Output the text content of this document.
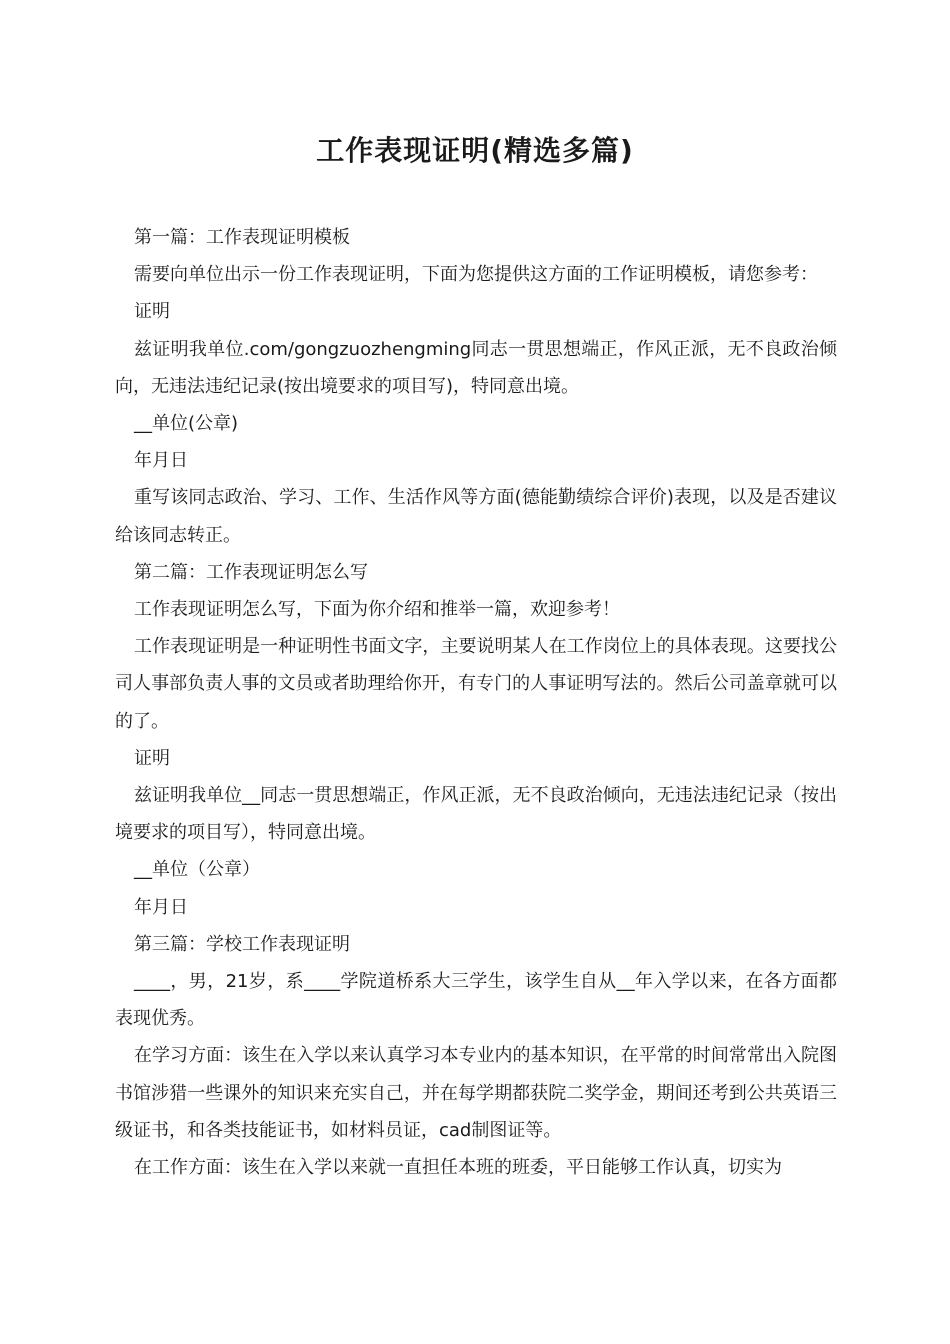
工作表现证明(精选多篇)

第一篇：工作表现证明模板

需要向单位出示一份工作表现证明，下面为您提供这方面的工作证明模板，请您参考：

证明

兹证明我单位.com/gongzuozhengming同志一贯思想端正，作风正派，无不良政治倾向，无违法违纪记录(按出境要求的项目写)，特同意出境。

__单位(公章)

年月日

重写该同志政治、学习、工作、生活作风等方面(德能勤绩综合评价)表现，以及是否建议给该同志转正。

第二篇：工作表现证明怎么写

工作表现证明怎么写，下面为你介绍和推举一篇，欢迎参考！

工作表现证明是一种证明性书面文字，主要说明某人在工作岗位上的具体表现。这要找公司人事部负责人事的文员或者助理给你开，有专门的人事证明写法的。然后公司盖章就可以的了。

证明

兹证明我单位__同志一贯思想端正，作风正派，无不良政治倾向，无违法违纪记录（按出境要求的项目写），特同意出境。

__单位（公章）

年月日

第三篇：学校工作表现证明

____，男，21岁，系____学院道桥系大三学生，该学生自从__年入学以来，在各方面都表现优秀。

在学习方面：该生在入学以来认真学习本专业内的基本知识，在平常的时间常常出入院图书馆涉猎一些课外的知识来充实自己，并在每学期都获院二奖学金，期间还考到公共英语三级证书，和各类技能证书，如材料员证，cad制图证等。

在工作方面：该生在入学以来就一直担任本班的班委，平日能够工作认真，切实为
